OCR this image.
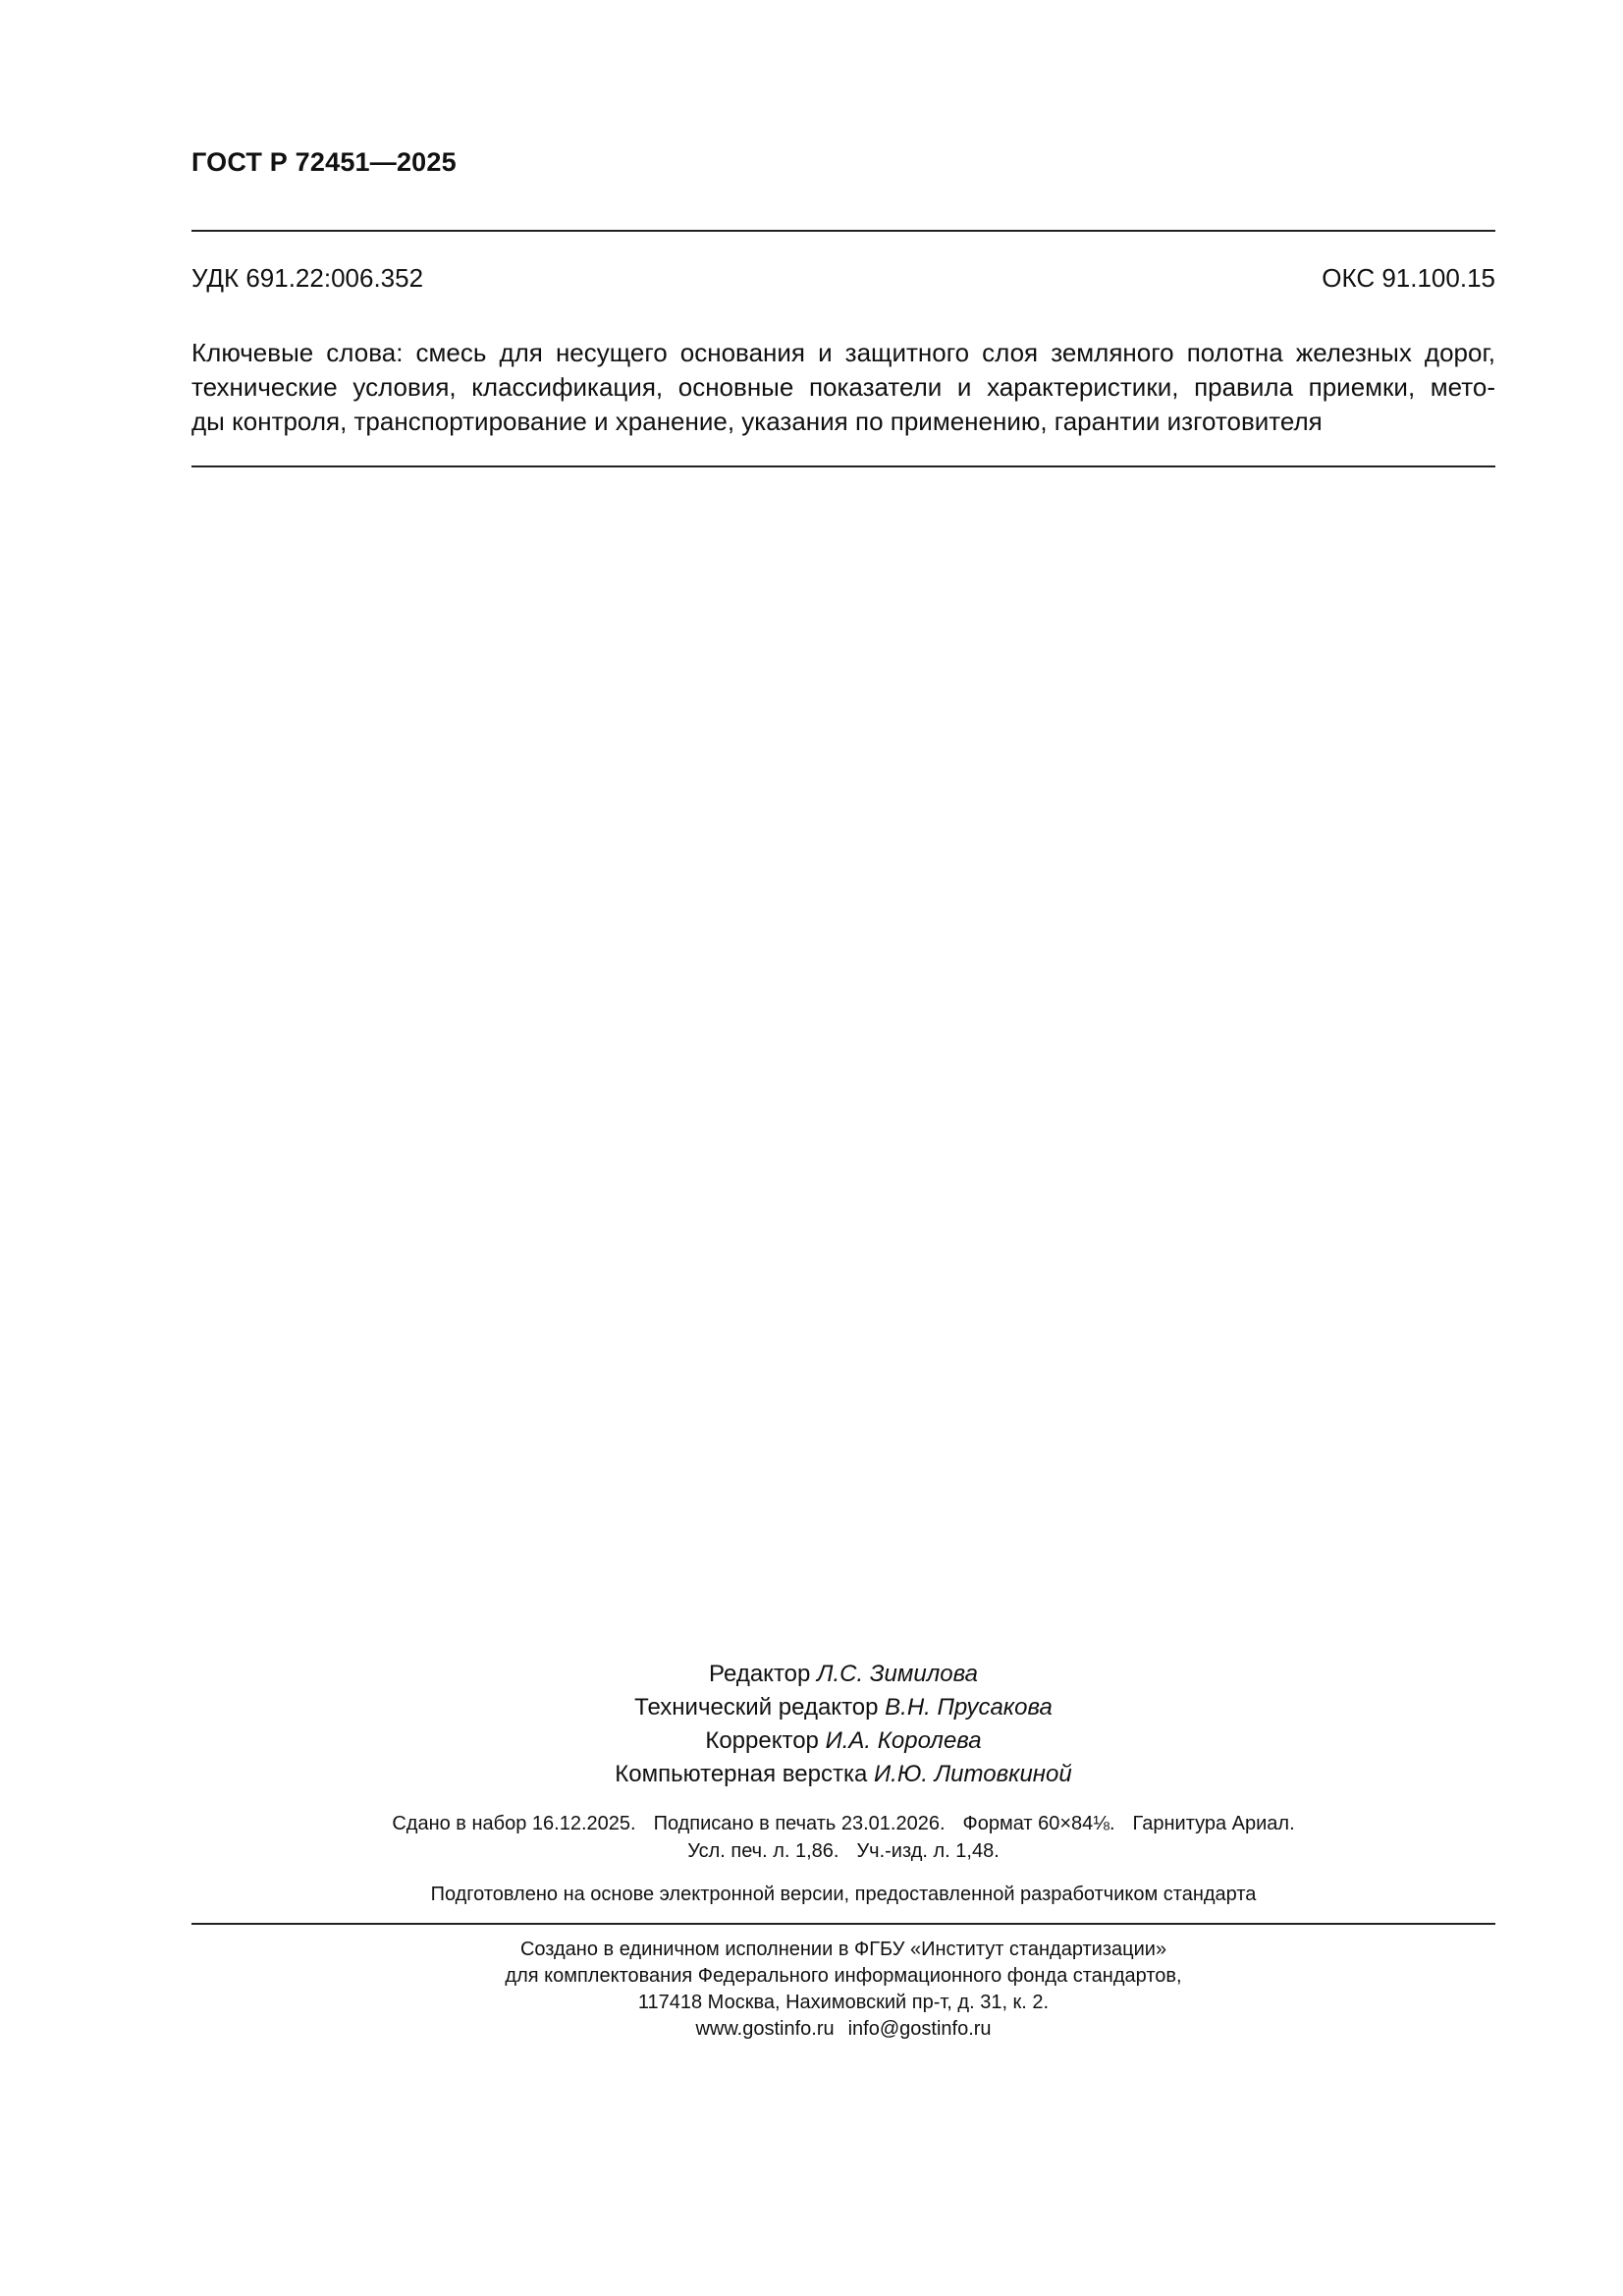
ГОСТ Р 72451—2025
УДК 691.22:006.352	ОКС 91.100.15
Ключевые слова: смесь для несущего основания и защитного слоя земляного полотна железных дорог,
технические условия, классификация, основные показатели и характеристики, правила приемки, мето-
ды контроля, транспортирование и хранение, указания по применению, гарантии изготовителя
Редактор Л.С. Зимилова
Технический редактор В.Н. Прусакова
Корректор И.А. Королева
Компьютерная верстка И.Ю. Литовкиной
Сдано в набор 16.12.2025. Подписано в печать 23.01.2026. Формат 60×84⅛. Гарнитура Ариал.
Усл. печ. л. 1,86. Уч.-изд. л. 1,48.
Подготовлено на основе электронной версии, предоставленной разработчиком стандарта
Создано в единичном исполнении в ФГБУ «Институт стандартизации»
для комплектования Федерального информационного фонда стандартов,
117418 Москва, Нахимовский пр-т, д. 31, к. 2.
www.gostinfo.ru info@gostinfo.ru
